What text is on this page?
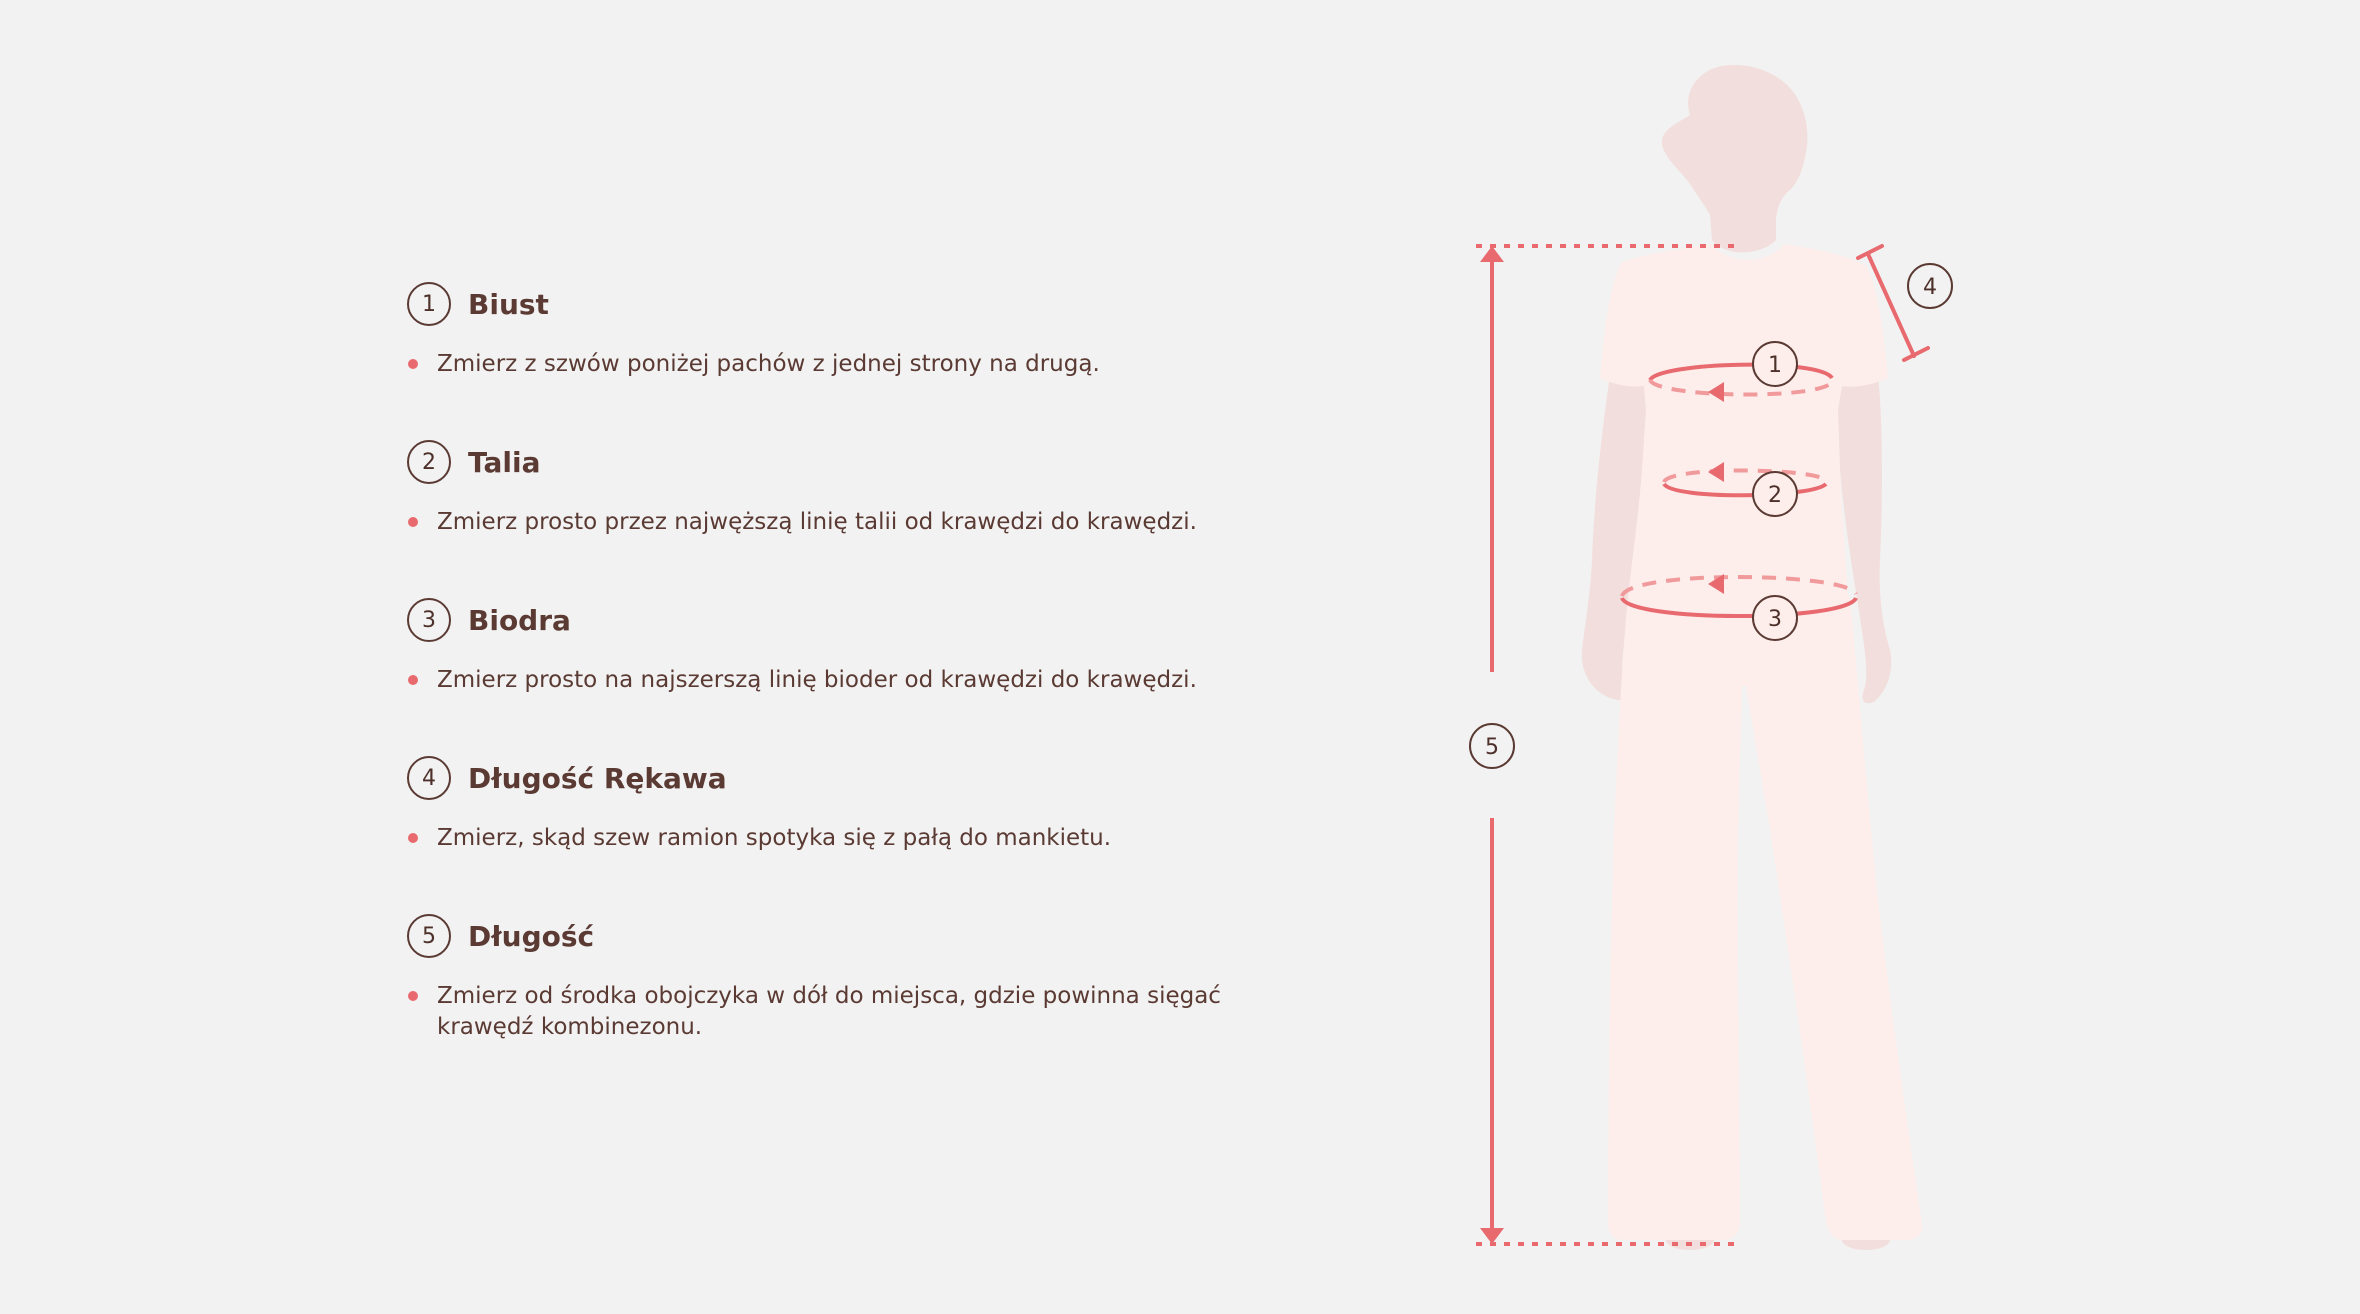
1	Biust
Zmierz z szwów poniżej pachów z jednej strony na drugą.
2	Talia
Zmierz prosto przez najwęższą linię talii od krawędzi do krawędzi.
3	Biodra
Zmierz prosto na najszerszą linię bioder od krawędzi do krawędzi.
4	Długość Rękawa
Zmierz, skąd szew ramion spotyka się z pałą do mankietu.
5	Długość
Zmierz od środka obojczyka w dół do miejsca, gdzie powinna sięgać krawędź kombinezonu.
1
2
3
4
5
